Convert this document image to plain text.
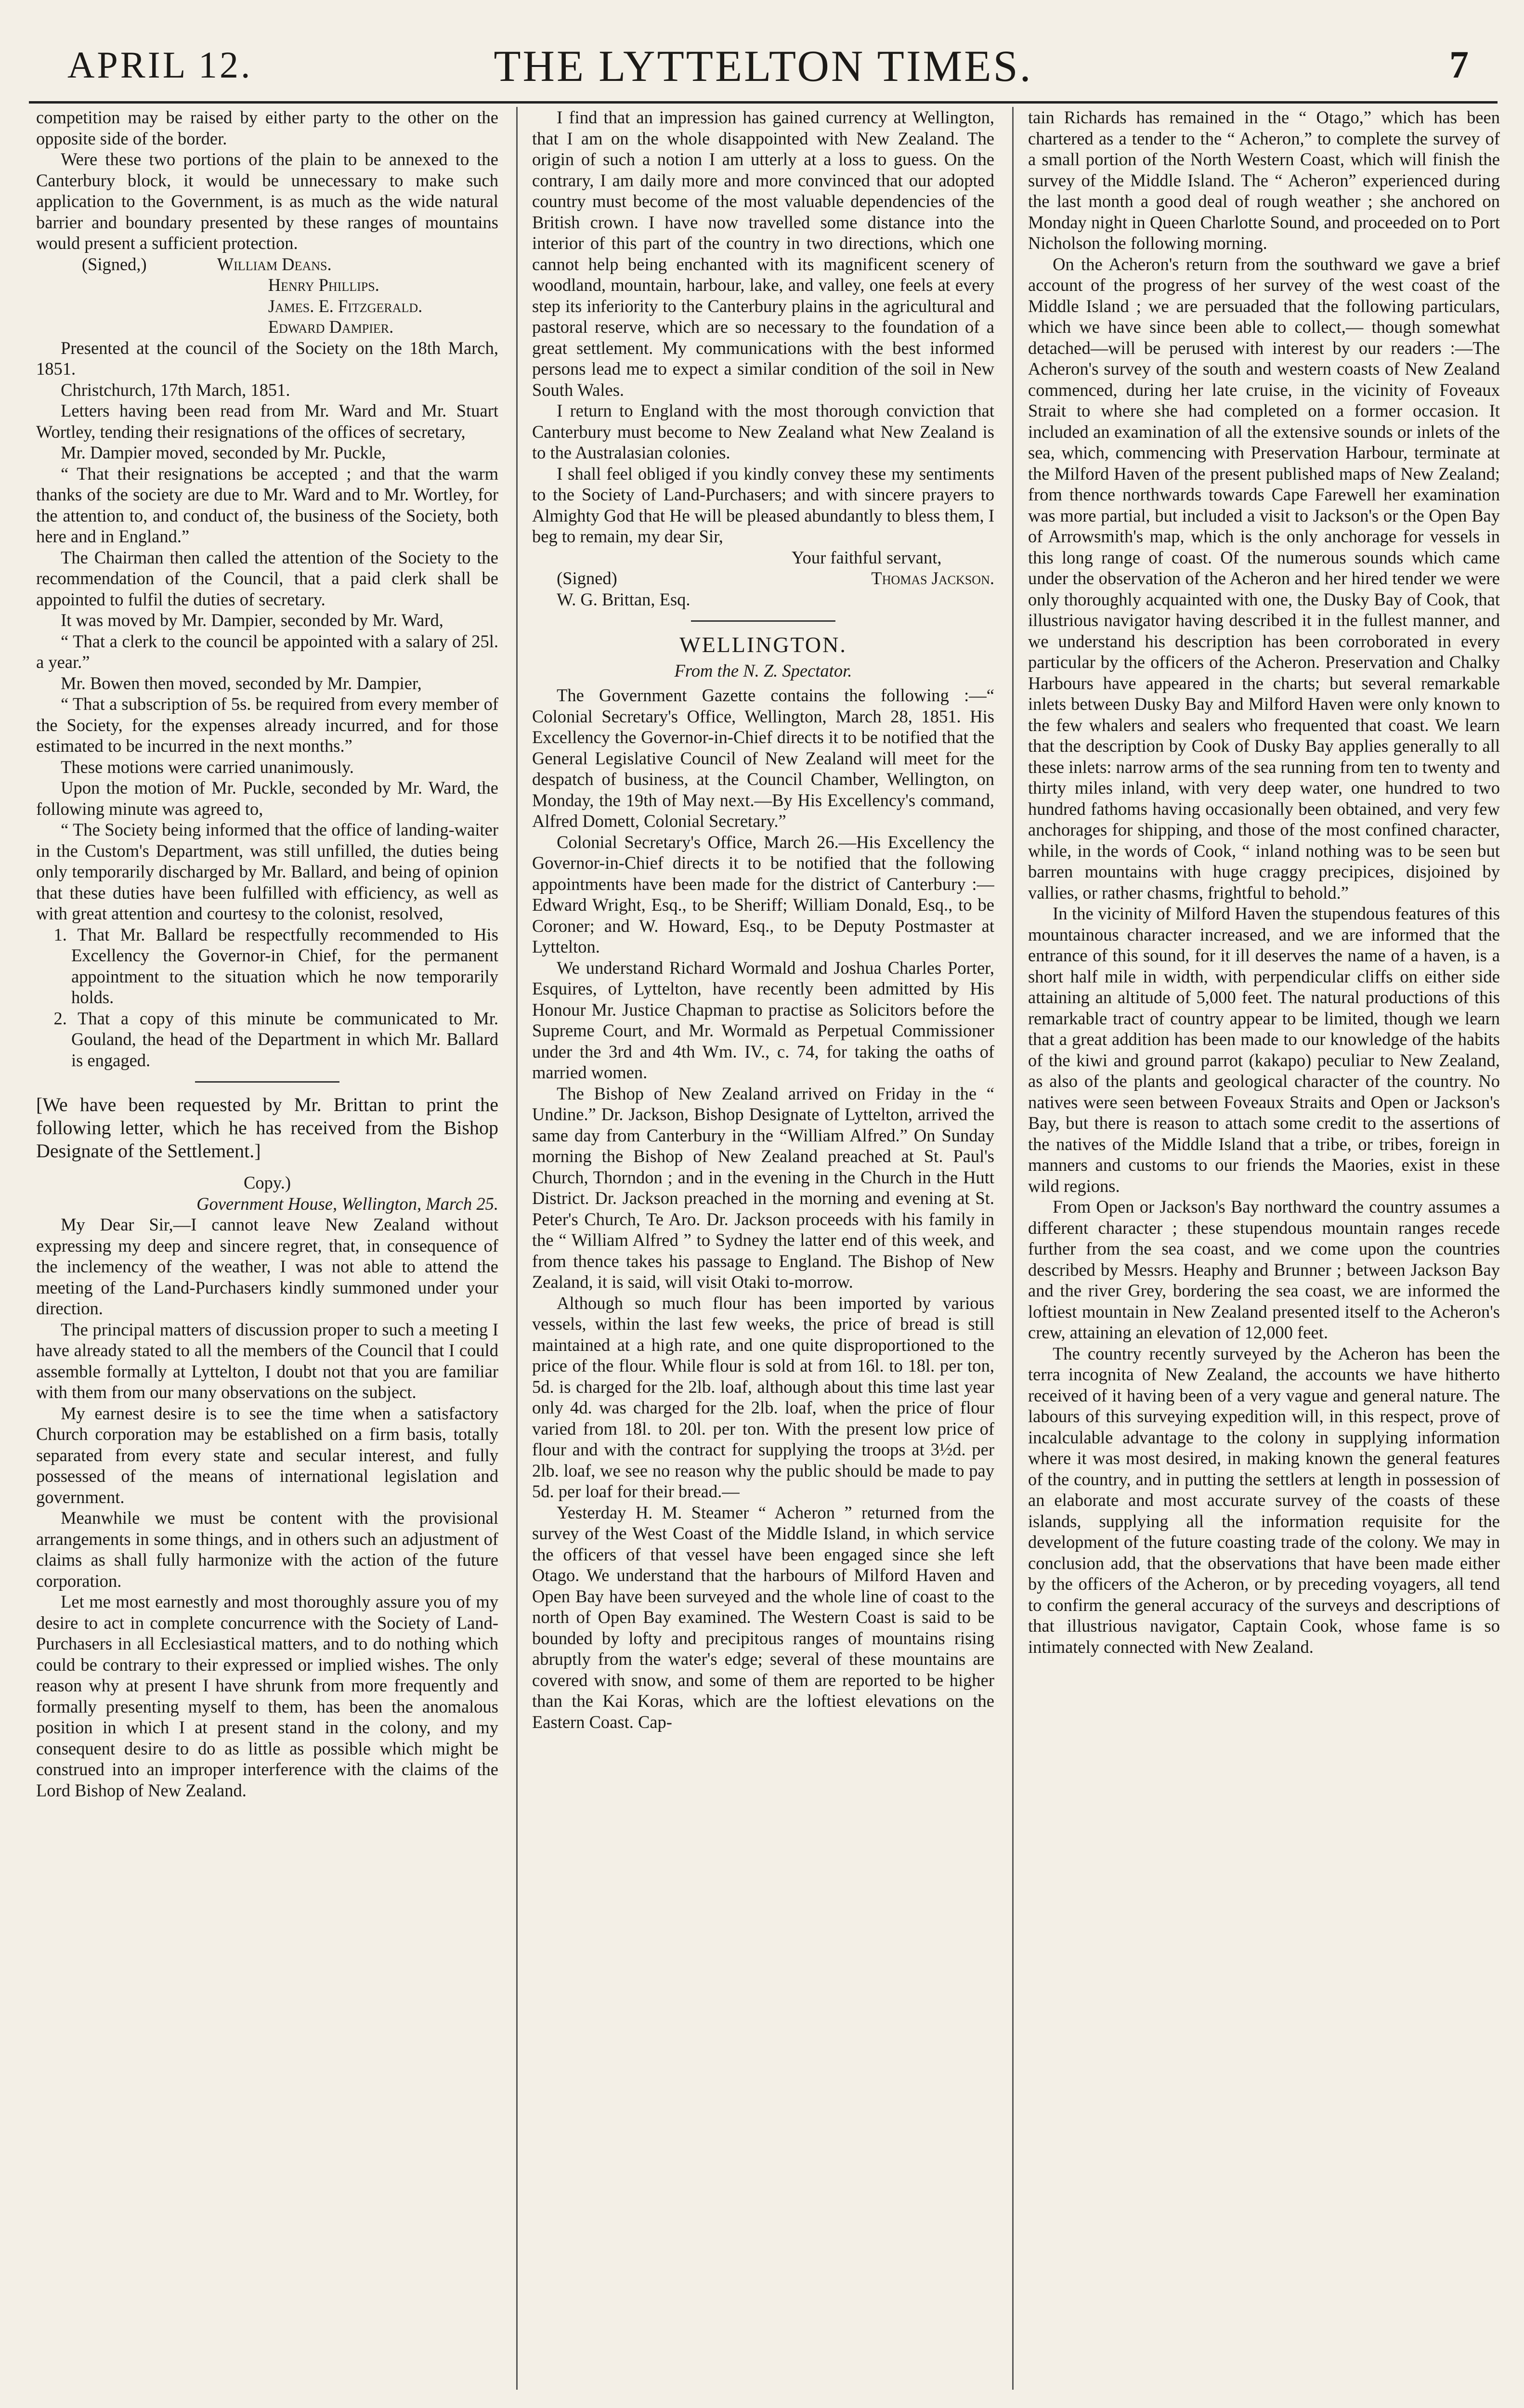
APRIL 12.	THE LYTTELTON TIMES.	7

competition may be raised by either party to the other on the opposite side of the border.

Were these two portions of the plain to be annexed to the Canterbury block, it would be unnecessary to make such application to the Government, is as much as the wide natural barrier and boundary presented by these ranges of mountains would present a sufficient protection.

(Signed,)	William Deans.

Henry Phillips.

James. E. Fitzgerald.

Edward Dampier.

Presented at the council of the Society on the 18th March, 1851.

Christchurch, 17th March, 1851.

Letters having been read from Mr. Ward and Mr. Stuart Wortley, tending their resignations of the offices of secretary,

Mr. Dampier moved, seconded by Mr. Puckle,

“ That their resignations be accepted ; and that the warm thanks of the society are due to Mr. Ward and to Mr. Wortley, for the attention to, and conduct of, the business of the Society, both here and in England.”

The Chairman then called the attention of the Society to the recommendation of the Council, that a paid clerk shall be appointed to fulfil the duties of secretary.

It was moved by Mr. Dampier, seconded by Mr. Ward,

“ That a clerk to the council be appointed with a salary of 25l. a year.”

Mr. Bowen then moved, seconded by Mr. Dampier,

“ That a subscription of 5s. be required from every member of the Society, for the expenses already incurred, and for those estimated to be incurred in the next months.”

These motions were carried unanimously.

Upon the motion of Mr. Puckle, seconded by Mr. Ward, the following minute was agreed to,

“ The Society being informed that the office of landing-waiter in the Custom's Department, was still unfilled, the duties being only temporarily discharged by Mr. Ballard, and being of opinion that these duties have been fulfilled with efficiency, as well as with great attention and courtesy to the colonist, resolved,

1. That Mr. Ballard be respectfully recommended to His Excellency the Governor-in Chief, for the permanent appointment to the situation which he now temporarily holds.

2. That a copy of this minute be communicated to Mr. Gouland, the head of the Department in which Mr. Ballard is engaged.

[We have been requested by Mr. Brittan to print the following letter, which he has received from the Bishop Designate of the Settlement.]

Copy.)

Government House, Wellington, March 25.

My Dear Sir,—I cannot leave New Zealand without expressing my deep and sincere regret, that, in consequence of the inclemency of the weather, I was not able to attend the meeting of the Land-Purchasers kindly summoned under your direction.

The principal matters of discussion proper to such a meeting I have already stated to all the members of the Council that I could assemble formally at Lyttelton, I doubt not that you are familiar with them from our many observations on the subject.

My earnest desire is to see the time when a satisfactory Church corporation may be established on a firm basis, totally separated from every state and secular interest, and fully possessed of the means of international legislation and government.

Meanwhile we must be content with the provisional arrangements in some things, and in others such an adjustment of claims as shall fully harmonize with the action of the future corporation.

Let me most earnestly and most thoroughly assure you of my desire to act in complete concurrence with the Society of Land-Purchasers in all Ecclesiastical matters, and to do nothing which could be contrary to their expressed or implied wishes. The only reason why at present I have shrunk from more frequently and formally presenting myself to them, has been the anomalous position in which I at present stand in the colony, and my consequent desire to do as little as possible which might be construed into an improper interference with the claims of the Lord Bishop of New Zealand.

I find that an impression has gained currency at Wellington, that I am on the whole disappointed with New Zealand. The origin of such a notion I am utterly at a loss to guess. On the contrary, I am daily more and more convinced that our adopted country must become of the most valuable dependencies of the British crown. I have now travelled some distance into the interior of this part of the country in two directions, which one cannot help being enchanted with its magnificent scenery of woodland, mountain, harbour, lake, and valley, one feels at every step its inferiority to the Canterbury plains in the agricultural and pastoral reserve, which are so necessary to the foundation of a great settlement. My communications with the best informed persons lead me to expect a similar condition of the soil in New South Wales.

I return to England with the most thorough conviction that Canterbury must become to New Zealand what New Zealand is to the Australasian colonies.

I shall feel obliged if you kindly convey these my sentiments to the Society of Land-Purchasers; and with sincere prayers to Almighty God that He will be pleased abundantly to bless them, I beg to remain, my dear Sir,

Your faithful servant,

(Signed)	Thomas Jackson.

W. G. Brittan, Esq.

WELLINGTON.

From the N. Z. Spectator.

The Government Gazette contains the following :—“ Colonial Secretary's Office, Wellington, March 28, 1851. His Excellency the Governor-in-Chief directs it to be notified that the General Legislative Council of New Zealand will meet for the despatch of business, at the Council Chamber, Wellington, on Monday, the 19th of May next.—By His Excellency's command, Alfred Domett, Colonial Secretary.”

Colonial Secretary's Office, March 26.—His Excellency the Governor-in-Chief directs it to be notified that the following appointments have been made for the district of Canterbury :— Edward Wright, Esq., to be Sheriff; William Donald, Esq., to be Coroner; and W. Howard, Esq., to be Deputy Postmaster at Lyttelton.

We understand Richard Wormald and Joshua Charles Porter, Esquires, of Lyttelton, have recently been admitted by His Honour Mr. Justice Chapman to practise as Solicitors before the Supreme Court, and Mr. Wormald as Perpetual Commissioner under the 3rd and 4th Wm. IV., c. 74, for taking the oaths of married women.

The Bishop of New Zealand arrived on Friday in the “ Undine.” Dr. Jackson, Bishop Designate of Lyttelton, arrived the same day from Canterbury in the “William Alfred.” On Sunday morning the Bishop of New Zealand preached at St. Paul's Church, Thorndon ; and in the evening in the Church in the Hutt District. Dr. Jackson preached in the morning and evening at St. Peter's Church, Te Aro. Dr. Jackson proceeds with his family in the “ William Alfred ” to Sydney the latter end of this week, and from thence takes his passage to England. The Bishop of New Zealand, it is said, will visit Otaki to-morrow.

Although so much flour has been imported by various vessels, within the last few weeks, the price of bread is still maintained at a high rate, and one quite disproportioned to the price of the flour. While flour is sold at from 16l. to 18l. per ton, 5d. is charged for the 2lb. loaf, although about this time last year only 4d. was charged for the 2lb. loaf, when the price of flour varied from 18l. to 20l. per ton. With the present low price of flour and with the contract for supplying the troops at 3½d. per 2lb. loaf, we see no reason why the public should be made to pay 5d. per loaf for their bread.—

Yesterday H. M. Steamer “ Acheron ” returned from the survey of the West Coast of the Middle Island, in which service the officers of that vessel have been engaged since she left Otago. We understand that the harbours of Milford Haven and Open Bay have been surveyed and the whole line of coast to the north of Open Bay examined. The Western Coast is said to be bounded by lofty and precipitous ranges of mountains rising abruptly from the water's edge; several of these mountains are covered with snow, and some of them are reported to be higher than the Kai Koras, which are the loftiest elevations on the Eastern Coast. Cap-

tain Richards has remained in the “ Otago,” which has been chartered as a tender to the “ Acheron,” to complete the survey of a small portion of the North Western Coast, which will finish the survey of the Middle Island. The “ Acheron” experienced during the last month a good deal of rough weather ; she anchored on Monday night in Queen Charlotte Sound, and proceeded on to Port Nicholson the following morning.

On the Acheron's return from the southward we gave a brief account of the progress of her survey of the west coast of the Middle Island ; we are persuaded that the following particulars, which we have since been able to collect,— though somewhat detached—will be perused with interest by our readers :—The Acheron's survey of the south and western coasts of New Zealand commenced, during her late cruise, in the vicinity of Foveaux Strait to where she had completed on a former occasion. It included an examination of all the extensive sounds or inlets of the sea, which, commencing with Preservation Harbour, terminate at the Milford Haven of the present published maps of New Zealand; from thence northwards towards Cape Farewell her examination was more partial, but included a visit to Jackson's or the Open Bay of Arrowsmith's map, which is the only anchorage for vessels in this long range of coast. Of the numerous sounds which came under the observation of the Acheron and her hired tender we were only thoroughly acquainted with one, the Dusky Bay of Cook, that illustrious navigator having described it in the fullest manner, and we understand his description has been corroborated in every particular by the officers of the Acheron. Preservation and Chalky Harbours have appeared in the charts; but several remarkable inlets between Dusky Bay and Milford Haven were only known to the few whalers and sealers who frequented that coast. We learn that the description by Cook of Dusky Bay applies generally to all these inlets: narrow arms of the sea running from ten to twenty and thirty miles inland, with very deep water, one hundred to two hundred fathoms having occasionally been obtained, and very few anchorages for shipping, and those of the most confined character, while, in the words of Cook, “ inland nothing was to be seen but barren mountains with huge craggy precipices, disjoined by vallies, or rather chasms, frightful to behold.”

In the vicinity of Milford Haven the stupendous features of this mountainous character increased, and we are informed that the entrance of this sound, for it ill deserves the name of a haven, is a short half mile in width, with perpendicular cliffs on either side attaining an altitude of 5,000 feet. The natural productions of this remarkable tract of country appear to be limited, though we learn that a great addition has been made to our knowledge of the habits of the kiwi and ground parrot (kakapo) peculiar to New Zealand, as also of the plants and geological character of the country. No natives were seen between Foveaux Straits and Open or Jackson's Bay, but there is reason to attach some credit to the assertions of the natives of the Middle Island that a tribe, or tribes, foreign in manners and customs to our friends the Maories, exist in these wild regions.

From Open or Jackson's Bay northward the country assumes a different character ; these stupendous mountain ranges recede further from the sea coast, and we come upon the countries described by Messrs. Heaphy and Brunner ; between Jackson Bay and the river Grey, bordering the sea coast, we are informed the loftiest mountain in New Zealand presented itself to the Acheron's crew, attaining an elevation of 12,000 feet.

The country recently surveyed by the Acheron has been the terra incognita of New Zealand, the accounts we have hitherto received of it having been of a very vague and general nature. The labours of this surveying expedition will, in this respect, prove of incalculable advantage to the colony in supplying information where it was most desired, in making known the general features of the country, and in putting the settlers at length in possession of an elaborate and most accurate survey of the coasts of these islands, supplying all the information requisite for the development of the future coasting trade of the colony. We may in conclusion add, that the observations that have been made either by the officers of the Acheron, or by preceding voyagers, all tend to confirm the general accuracy of the surveys and descriptions of that illustrious navigator, Captain Cook, whose fame is so intimately connected with New Zealand.
